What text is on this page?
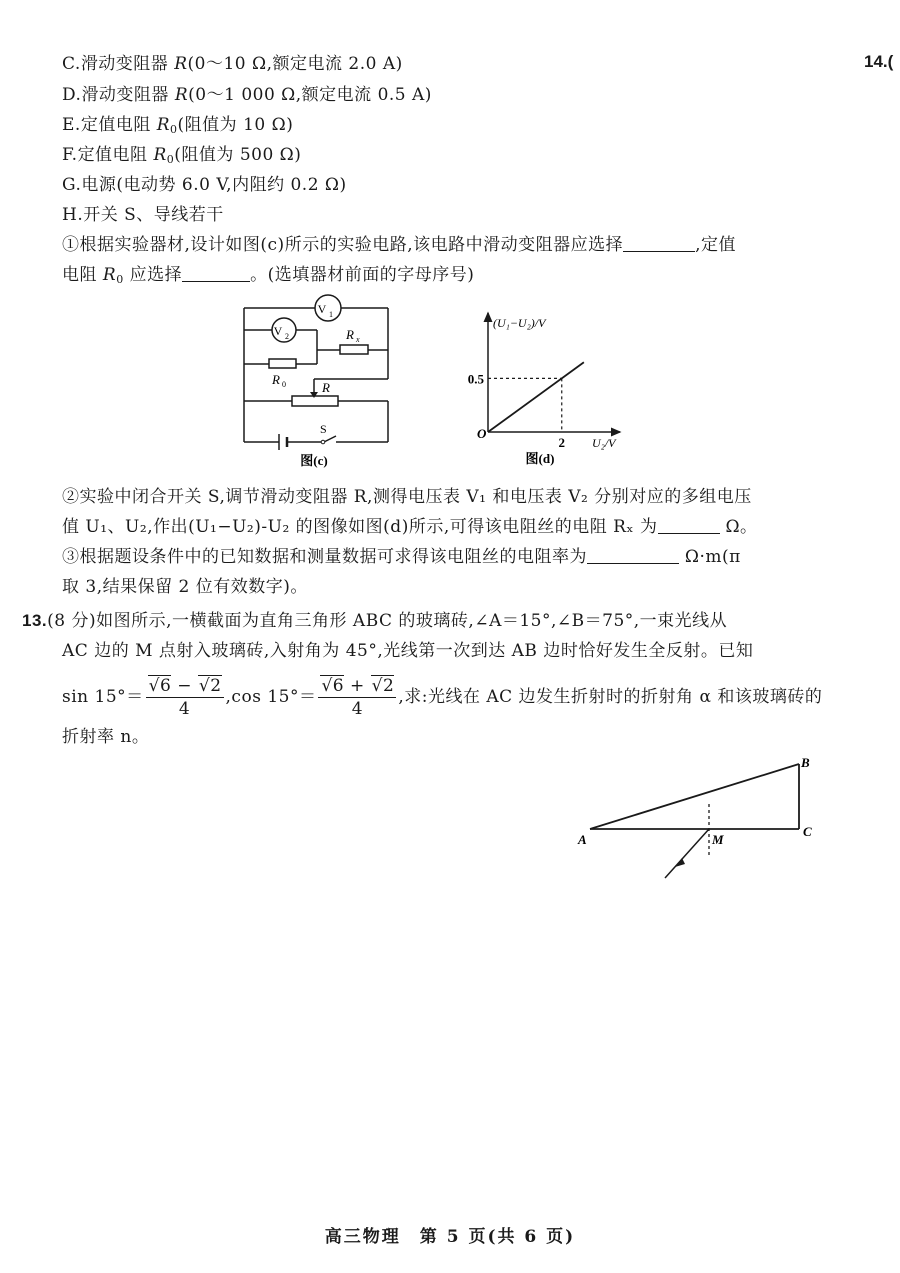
14.(
C.滑动变阻器 R(0～10 Ω,额定电流 2.0 A)
D.滑动变阻器 R(0～1 000 Ω,额定电流 0.5 A)
E.定值电阻 $R_0$(阻值为 10 Ω)
F.定值电阻 $R_0$(阻值为 500 Ω)
G.电源(电动势 6.0 V,内阻约 0.2 Ω)
H.开关 S、导线若干
①根据实验器材,设计如图(c)所示的实验电路,该电路中滑动变阻器应选择	,定值
电阻 $R_0$ 应选择	。(选填器材前面的字母序号)
V 1
V 2	R x
R 0	R
S
图(c)
2
0.5
(U₁−U₂)/V
U₂/V
O
图(d)
②实验中闭合开关 S,调节滑动变阻器 R,测得电压表 V₁ 和电压表 V₂ 分别对应的多组电压
值 U₁、U₂,作出(U₁−U₂)-U₂ 的图像如图(d)所示,可得该电阻丝的电阻 Rₓ 为	Ω。
③根据题设条件中的已知数据和测量数据可求得该电阻丝的电阻率为	Ω·m(π
取 3,结果保留 2 位有效数字)。
13.(8 分)如图所示,一横截面为直角三角形 ABC 的玻璃砖,∠A＝15°,∠B＝75°,一束光线从
AC 边的 M 点射入玻璃砖,入射角为 45°,光线第一次到达 AB 边时恰好发生全反射。已知
$\sin 15^\circ= \frac{√6 - √2}{4} ,\cos$ $15^\circ= \frac{√6 + √2}{4}$ ,求:光线在 AC 边发生折射时的折射角 α 和该玻璃砖的
折射率 n。
A
B
C
M
高三物理　第 5 页(共 6 页)
